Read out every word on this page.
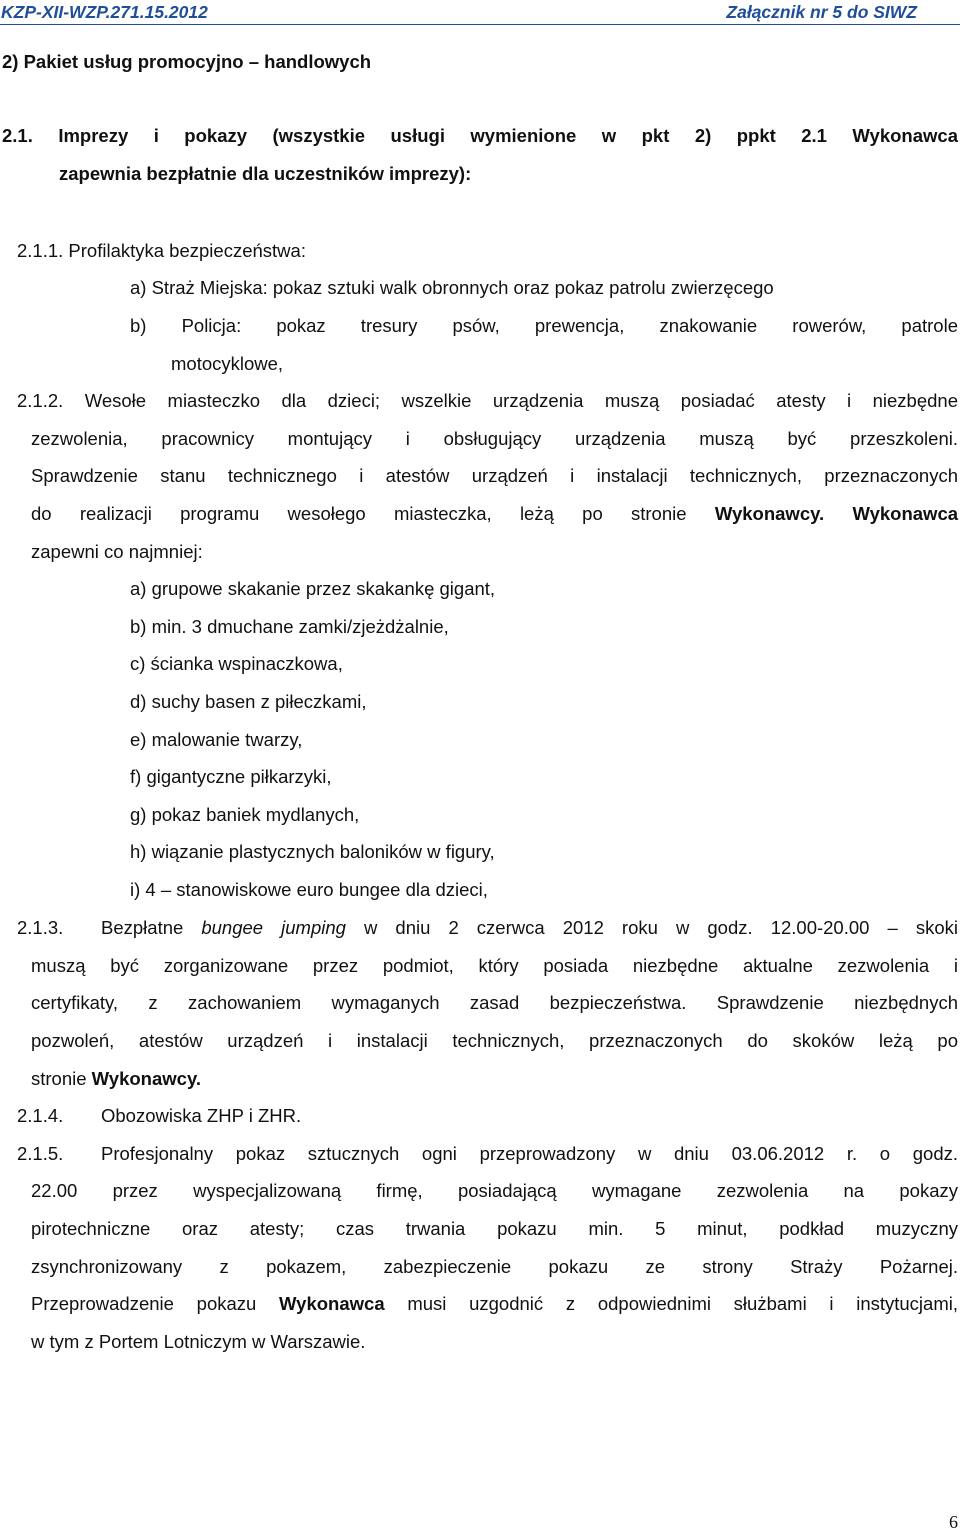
KZP-XII-WZP.271.15.2012	Załącznik nr 5 do SIWZ
2) Pakiet usług promocyjno – handlowych
2.1. Imprezy i pokazy (wszystkie usługi wymienione w pkt 2) ppkt 2.1 Wykonawca
zapewnia bezpłatnie dla uczestników imprezy):
2.1.1. Profilaktyka bezpieczeństwa:
a) Straż Miejska: pokaz sztuki walk obronnych oraz pokaz patrolu zwierzęcego
b) Policja: pokaz tresury psów, prewencja, znakowanie rowerów, patrole
motocyklowe,
2.1.2. Wesołe miasteczko dla dzieci; wszelkie urządzenia muszą posiadać atesty i niezbędne
zezwolenia, pracownicy montujący i obsługujący urządzenia muszą być przeszkoleni.
Sprawdzenie stanu technicznego i atestów urządzeń i instalacji technicznych, przeznaczonych
do realizacji programu wesołego miasteczka, leżą po stronie Wykonawcy. Wykonawca
zapewni co najmniej:
a) grupowe skakanie przez skakankę gigant,
b) min. 3 dmuchane zamki/zjeżdżalnie,
c) ścianka wspinaczkowa,
d) suchy basen z piłeczkami,
e) malowanie twarzy,
f) gigantyczne piłkarzyki,
g) pokaz baniek mydlanych,
h) wiązanie plastycznych baloników w figury,
i) 4 – stanowiskowe euro bungee dla dzieci,
2.1.3. Bezpłatne bungee jumping w dniu 2 czerwca 2012 roku w godz. 12.00-20.00 – skoki
muszą być zorganizowane przez podmiot, który posiada niezbędne aktualne zezwolenia i
certyfikaty, z zachowaniem wymaganych zasad bezpieczeństwa. Sprawdzenie niezbędnych
pozwoleń, atestów urządzeń i instalacji technicznych, przeznaczonych do skoków leżą po
stronie Wykonawcy.
2.1.4. Obozowiska ZHP i ZHR.
2.1.5. Profesjonalny pokaz sztucznych ogni przeprowadzony w dniu 03.06.2012 r. o godz.
22.00 przez wyspecjalizowaną firmę, posiadającą wymagane zezwolenia na pokazy
pirotechniczne oraz atesty; czas trwania pokazu min. 5 minut, podkład muzyczny
zsynchronizowany z pokazem, zabezpieczenie pokazu ze strony Straży Pożarnej.
Przeprowadzenie pokazu Wykonawca musi uzgodnić z odpowiednimi służbami i instytucjami,
w tym z Portem Lotniczym w Warszawie.
6
